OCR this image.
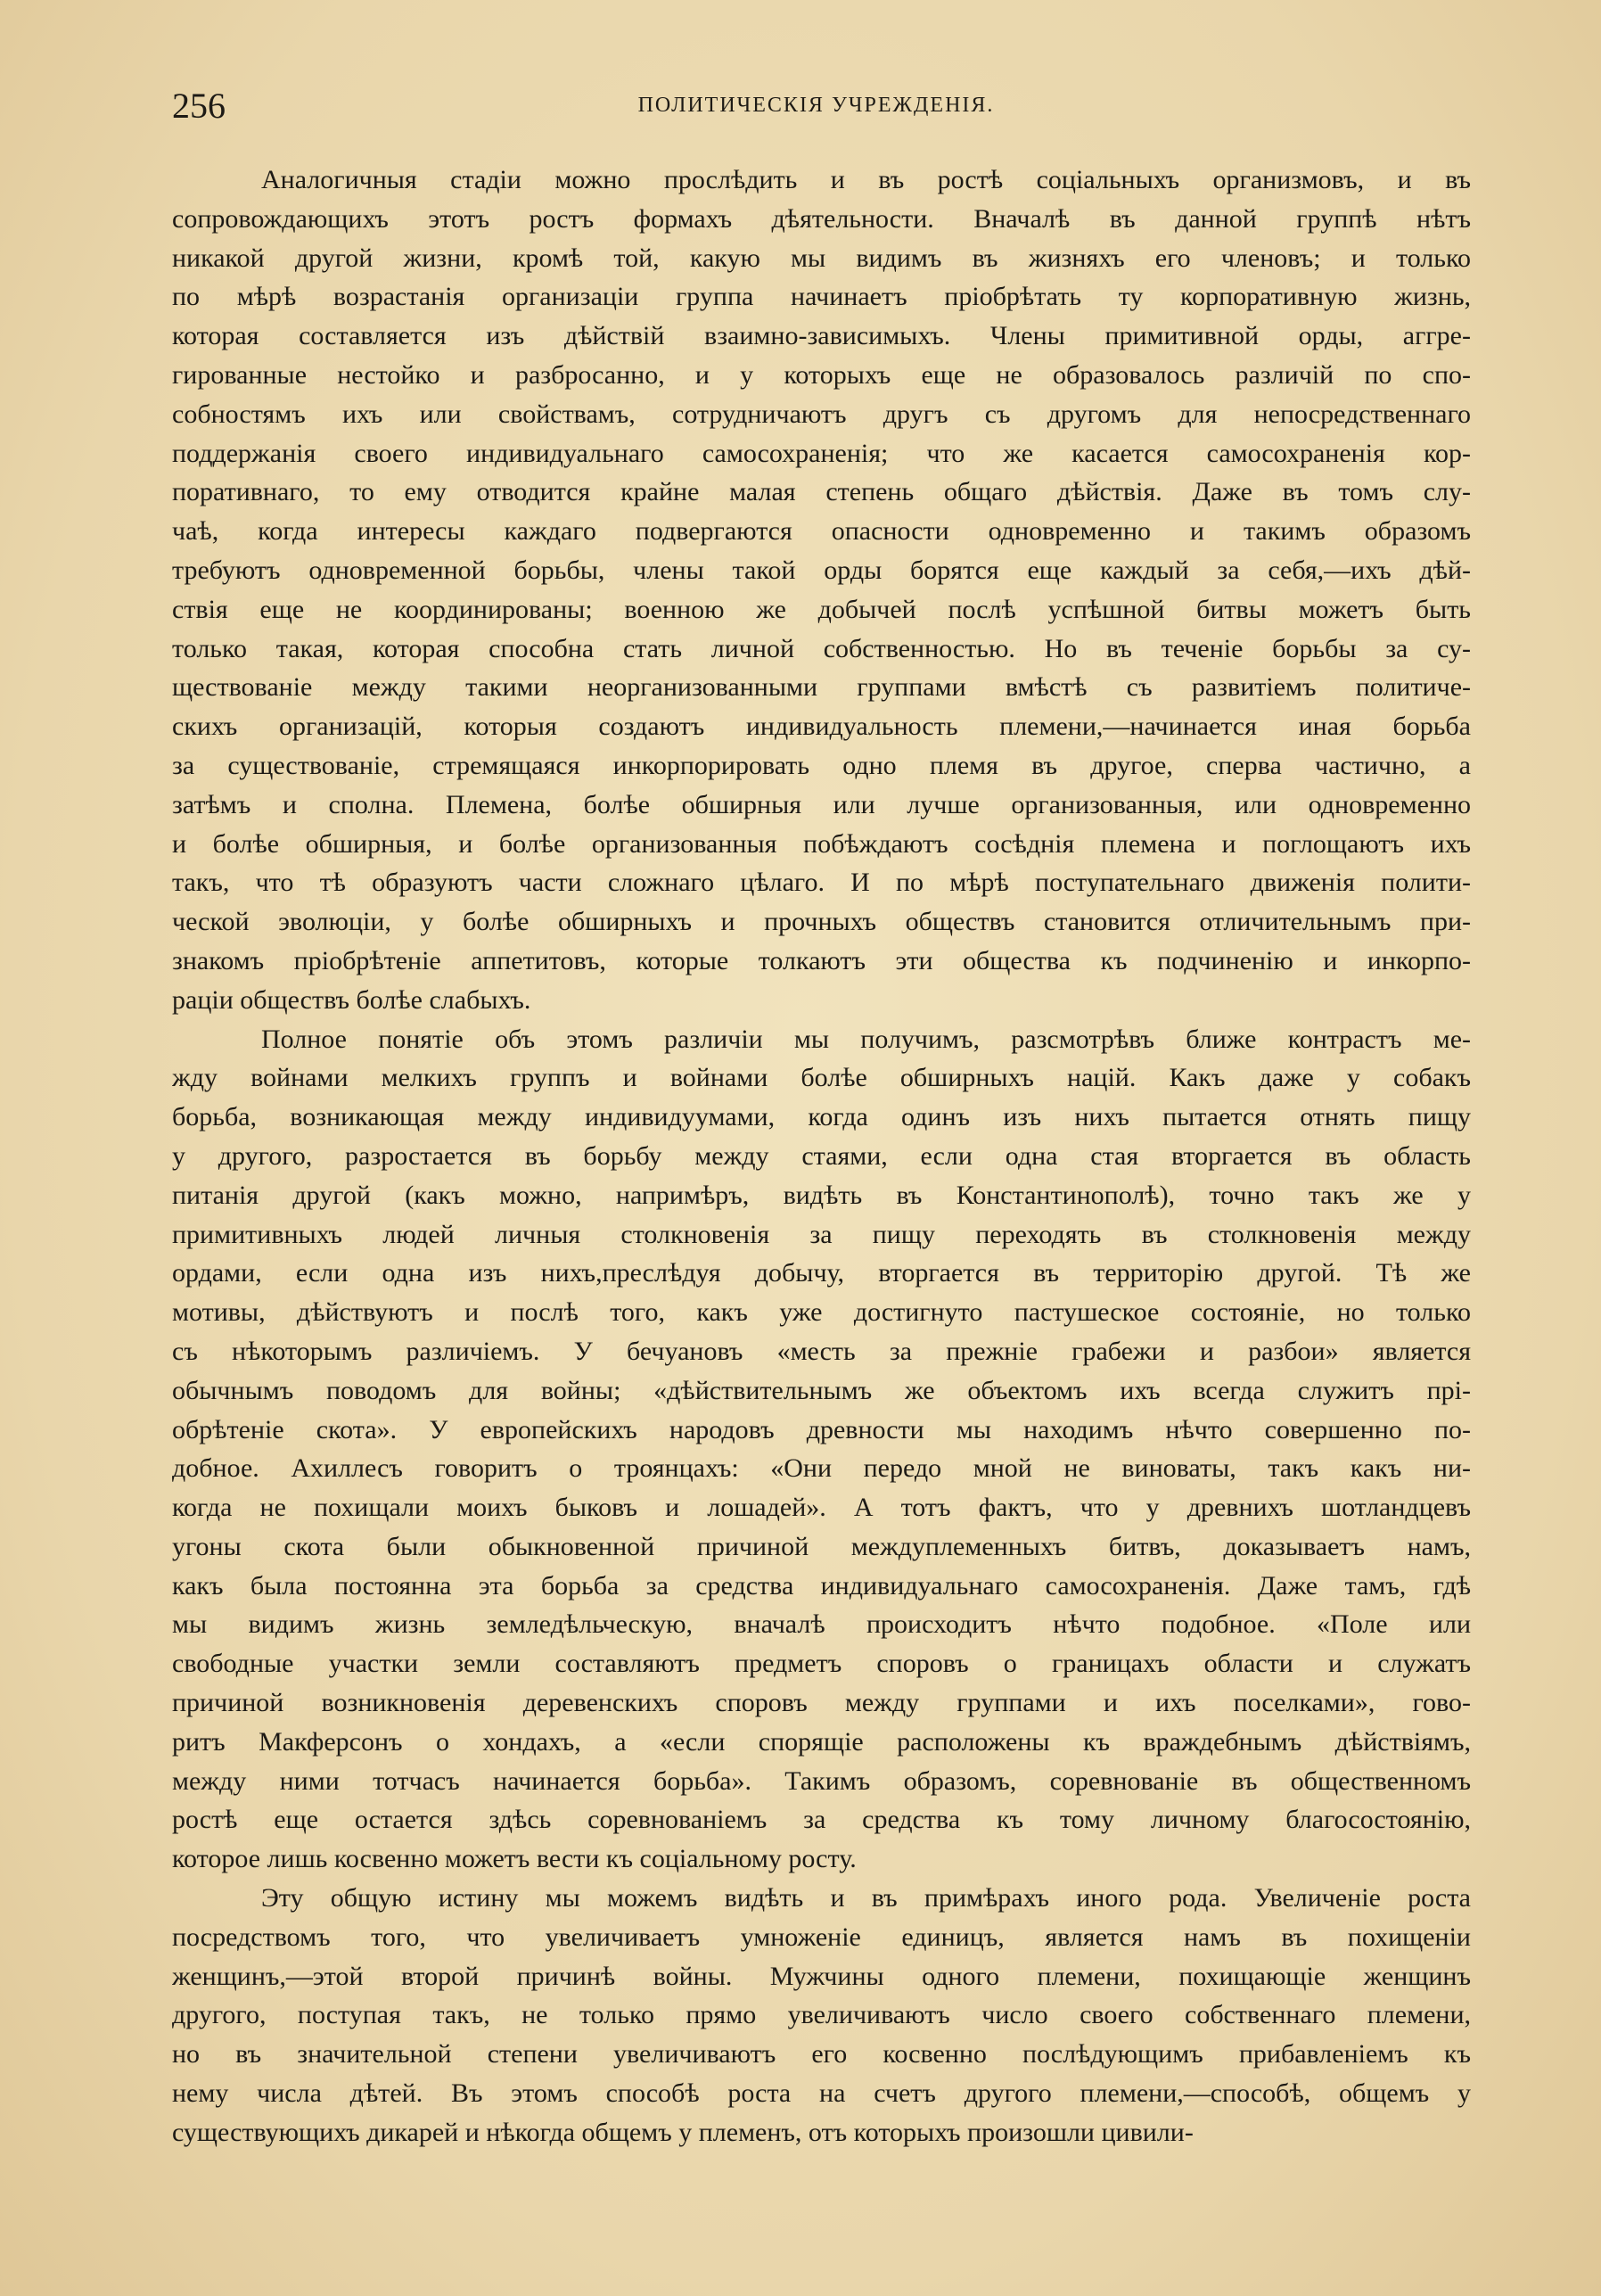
256	ПОЛИТИЧЕСКІЯ УЧРЕЖДЕНІЯ.
Аналогичныя стадіи можно прослѣдить и въ ростѣ соціальныхъ организмовъ, и въ
сопровождающихъ этотъ ростъ формахъ дѣятельности. Вначалѣ въ данной группѣ нѣтъ
никакой другой жизни, кромѣ той, какую мы видимъ въ жизняхъ его членовъ; и только
по мѣрѣ возрастанія организаціи группа начинаетъ пріобрѣтать ту корпоративную жизнь,
которая составляется изъ дѣйствій взаимно-зависимыхъ. Члены примитивной орды, аггре-
гированные нестойко и разбросанно, и у которыхъ еще не образовалось различій по спо-
собностямъ ихъ или свойствамъ, сотрудничаютъ другъ съ другомъ для непосредственнаго
поддержанія своего индивидуальнаго самосохраненія; что же касается самосохраненія кор-
поративнаго, то ему отводится крайне малая степень общаго дѣйствія. Даже въ томъ слу-
чаѣ, когда интересы каждаго подвергаются опасности одновременно и такимъ образомъ
требуютъ одновременной борьбы, члены такой орды борятся еще каждый за себя,—ихъ дѣй-
ствія еще не координированы; военною же добычей послѣ успѣшной битвы можетъ быть
только такая, которая способна стать личной собственностью. Но въ теченіе борьбы за су-
ществованіе между такими неорганизованными группами вмѣстѣ съ развитіемъ политиче-
скихъ организацій, которыя создаютъ индивидуальность племени,—начинается иная борьба
за существованіе, стремящаяся инкорпорировать одно племя въ другое, сперва частично, а
затѣмъ и сполна. Племена, болѣе обширныя или лучше организованныя, или одновременно
и болѣе обширныя, и болѣе организованныя побѣждаютъ сосѣднія племена и поглощаютъ ихъ
такъ, что тѣ образуютъ части сложнаго цѣлаго. И по мѣрѣ поступательнаго движенія полити-
ческой эволюціи, у болѣе обширныхъ и прочныхъ обществъ становится отличительнымъ при-
знакомъ пріобрѣтеніе аппетитовъ, которые толкаютъ эти общества къ подчиненію и инкорпо-
раціи обществъ болѣе слабыхъ.
Полное понятіе объ этомъ различіи мы получимъ, разсмотрѣвъ ближе контрастъ ме-
жду войнами мелкихъ группъ и войнами болѣе обширныхъ націй. Какъ даже у собакъ
борьба, возникающая между индивидуумами, когда одинъ изъ нихъ пытается отнять пищу
у другого, разростается въ борьбу между стаями, если одна стая вторгается въ область
питанія другой (какъ можно, напримѣръ, видѣть въ Константинополѣ), точно такъ же у
примитивныхъ людей личныя столкновенія за пищу переходять въ столкновенія между
ордами, если одна изъ нихъ,преслѣдуя добычу, вторгается въ территорію другой. Тѣ же
мотивы, дѣйствуютъ и послѣ того, какъ уже достигнуто пастушеское состояніе, но только
съ нѣкоторымъ различіемъ. У бечуановъ «месть за прежніе грабежи и разбои» является
обычнымъ поводомъ для войны; «дѣйствительнымъ же объектомъ ихъ всегда служитъ прі-
обрѣтеніе скота». У европейскихъ народовъ древности мы находимъ нѣчто совершенно по-
добное. Ахиллесъ говоритъ о троянцахъ: «Они передо мной не виноваты, такъ какъ ни-
когда не похищали моихъ быковъ и лошадей». А тотъ фактъ, что у древнихъ шотландцевъ
угоны скота были обыкновенной причиной междуплеменныхъ битвъ, доказываетъ намъ,
какъ была постоянна эта борьба за средства индивидуальнаго самосохраненія. Даже тамъ, гдѣ
мы видимъ жизнь земледѣльческую, вначалѣ происходитъ нѣчто подобное. «Поле или
свободные участки земли составляютъ предметъ споровъ о границахъ области и служатъ
причиной возникновенія деревенскихъ споровъ между группами и ихъ поселками», гово-
ритъ Макферсонъ о хондахъ, а «если спорящіе расположены къ враждебнымъ дѣйствіямъ,
между ними тотчасъ начинается борьба». Такимъ образомъ, соревнованіе въ общественномъ
ростѣ еще остается здѣсь соревнованіемъ за средства къ тому личному благосостоянію,
которое лишь косвенно можетъ вести къ соціальному росту.
Эту общую истину мы можемъ видѣть и въ примѣрахъ иного рода. Увеличеніе роста
посредствомъ того, что увеличиваетъ умноженіе единицъ, является намъ въ похищеніи
женщинъ,—этой второй причинѣ войны. Мужчины одного племени, похищающіе женщинъ
другого, поступая такъ, не только прямо увеличиваютъ число своего собственнаго племени,
но въ значительной степени увеличиваютъ его косвенно послѣдующимъ прибавленіемъ къ
нему числа дѣтей. Въ этомъ способѣ роста на счетъ другого племени,—способѣ, общемъ у
существующихъ дикарей и нѣкогда общемъ у племенъ, отъ которыхъ произошли цивили-
